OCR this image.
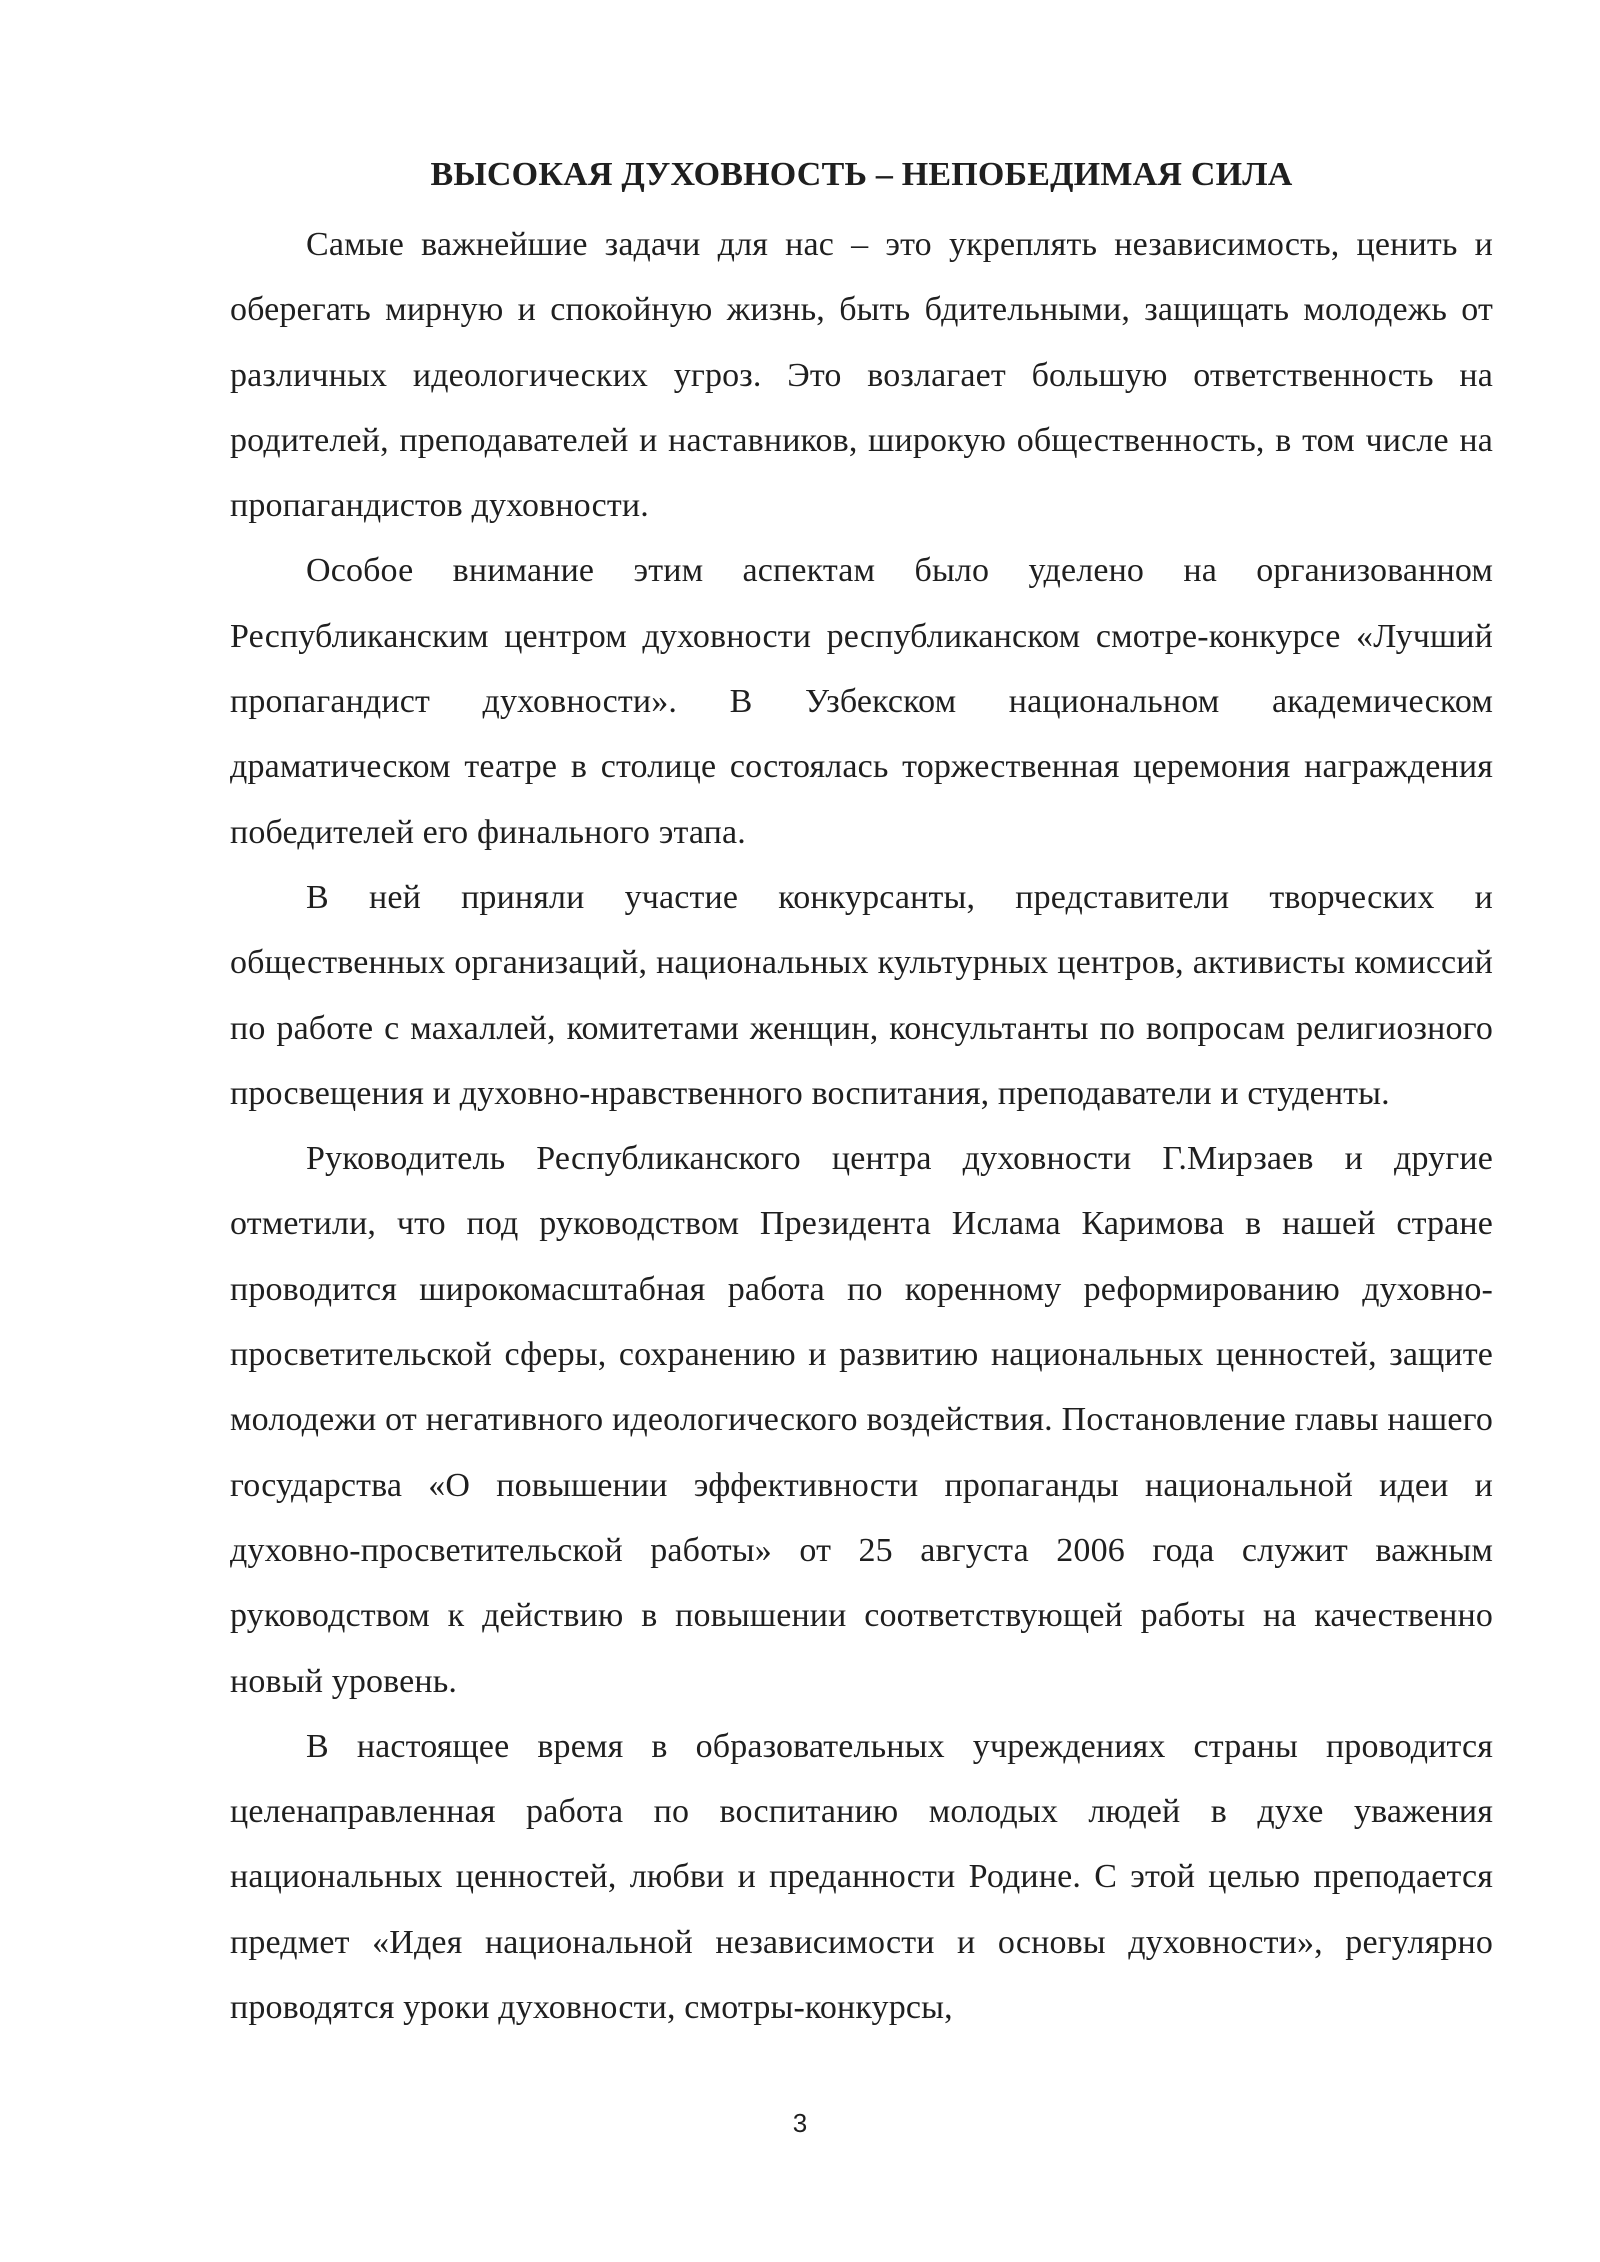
ВЫСОКАЯ ДУХОВНОСТЬ – НЕПОБЕДИМАЯ СИЛА

Самые важнейшие задачи для нас – это укреплять независимость, ценить и оберегать мирную и спокойную жизнь, быть бдительными, защищать молодежь от различных идеологических угроз. Это возлагает большую ответственность на родителей, преподавателей и наставников, широкую общественность, в том числе на пропагандистов духовности.

Особое внимание этим аспектам было уделено на организованном Республиканским центром духовности республиканском смотре-конкурсе «Лучший пропагандист духовности». В Узбекском национальном академическом драматическом театре в столице состоялась торжественная церемония награждения победителей его финального этапа.

В ней приняли участие конкурсанты, представители творческих и общественных организаций, национальных культурных центров, активисты комиссий по работе с махаллей, комитетами женщин, консультанты по вопросам религиозного просвещения и духовно-нравственного воспитания, преподаватели и студенты.

Руководитель Республиканского центра духовности Г.Мирзаев и другие отметили, что под руководством Президента Ислама Каримова в нашей стране проводится широкомасштабная работа по коренному реформированию духовно-просветительской сферы, сохранению и развитию национальных ценностей, защите молодежи от негативного идеологического воздействия. Постановление главы нашего государства «О повышении эффективности пропаганды национальной идеи и духовно-просветительской работы» от 25 августа 2006 года служит важным руководством к действию в повышении соответствующей работы на качественно новый уровень.

В настоящее время в образовательных учреждениях страны проводится целенаправленная работа по воспитанию молодых людей в духе уважения национальных ценностей, любви и преданности Родине. С этой целью преподается предмет «Идея национальной независимости и основы духовности», регулярно проводятся уроки духовности, смотры-конкурсы,

3
